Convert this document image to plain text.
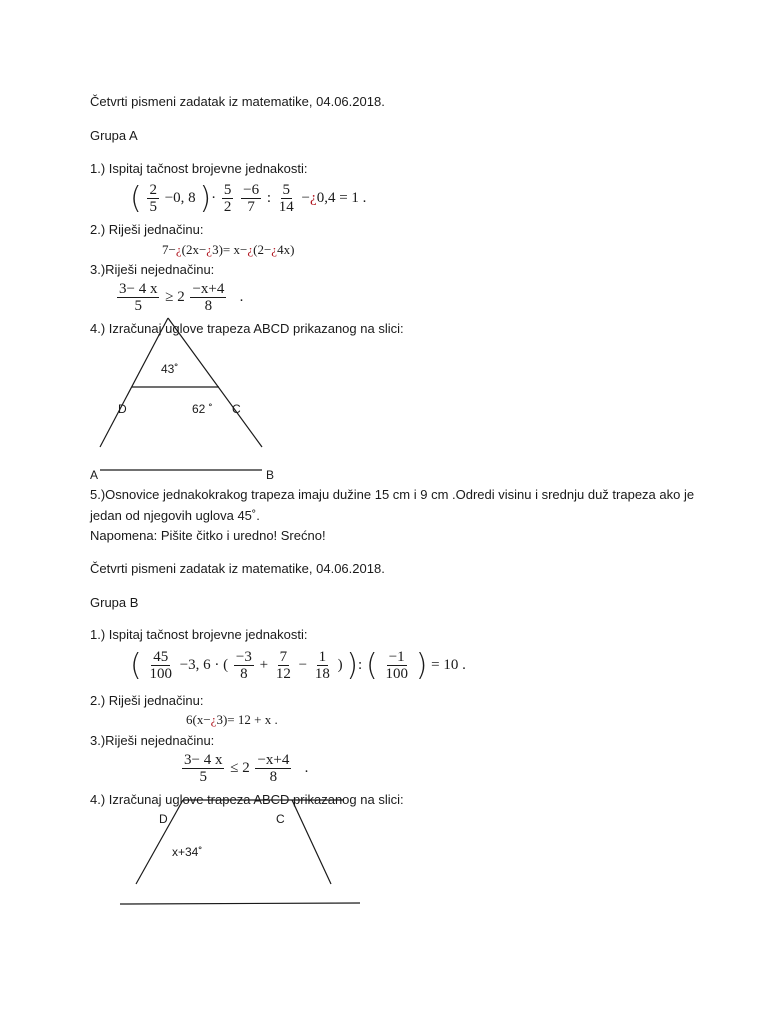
Četvrti pismeni zadatak iz matematike, 04.06.2018.
Grupa A
1.) Ispitaj tačnost brojevne jednakosti:
( $\frac{2}{5} -0$, 8 )· $\frac{5}{2}$
$\frac{-6}{7}$ : $\frac{5}{14}$ −¿0,4 = 1 .
2.) Riješi jednačinu:
7−¿(2x−¿3)= x−¿(2−¿4x)
3.)Riješi nejednačinu:
$\frac{3- 4 x}{5} \ge 2 \frac{-x+4}{8}$ .
4.) Izračunaj uglove trapeza ABCD prikazanog na slici:
43˚
62 ˚
D	C
A	B
5.)Osnovice jednakokrakog trapeza imaju dužine 15 cm i 9 cm .Odredi visinu i srednju duž trapeza ako je
jedan od njegovih uglova 45˚.
Napomena: Pišite čitko i uredno! Srećno!
Četvrti pismeni zadatak iz matematike, 04.06.2018.
Grupa B
1.) Ispitaj tačnost brojevne jednakosti:
( $\frac{45}{100} -3$, 6 · ( $\frac{-3}{8} + \frac{7}{12} - \frac{1}{18}$ ) ): ( $\frac{-1}{100}$ ) = 10 .
2.) Riješi jednačinu:
6(x−¿3)= 12 + x .
3.)Riješi nejednačinu:
$\frac{3- 4 x}{5} \le 2 \frac{-x+4}{8}$ .
4.) Izračunaj uglove trapeza ABCD prikazanog na slici:
D	C
x+34˚
